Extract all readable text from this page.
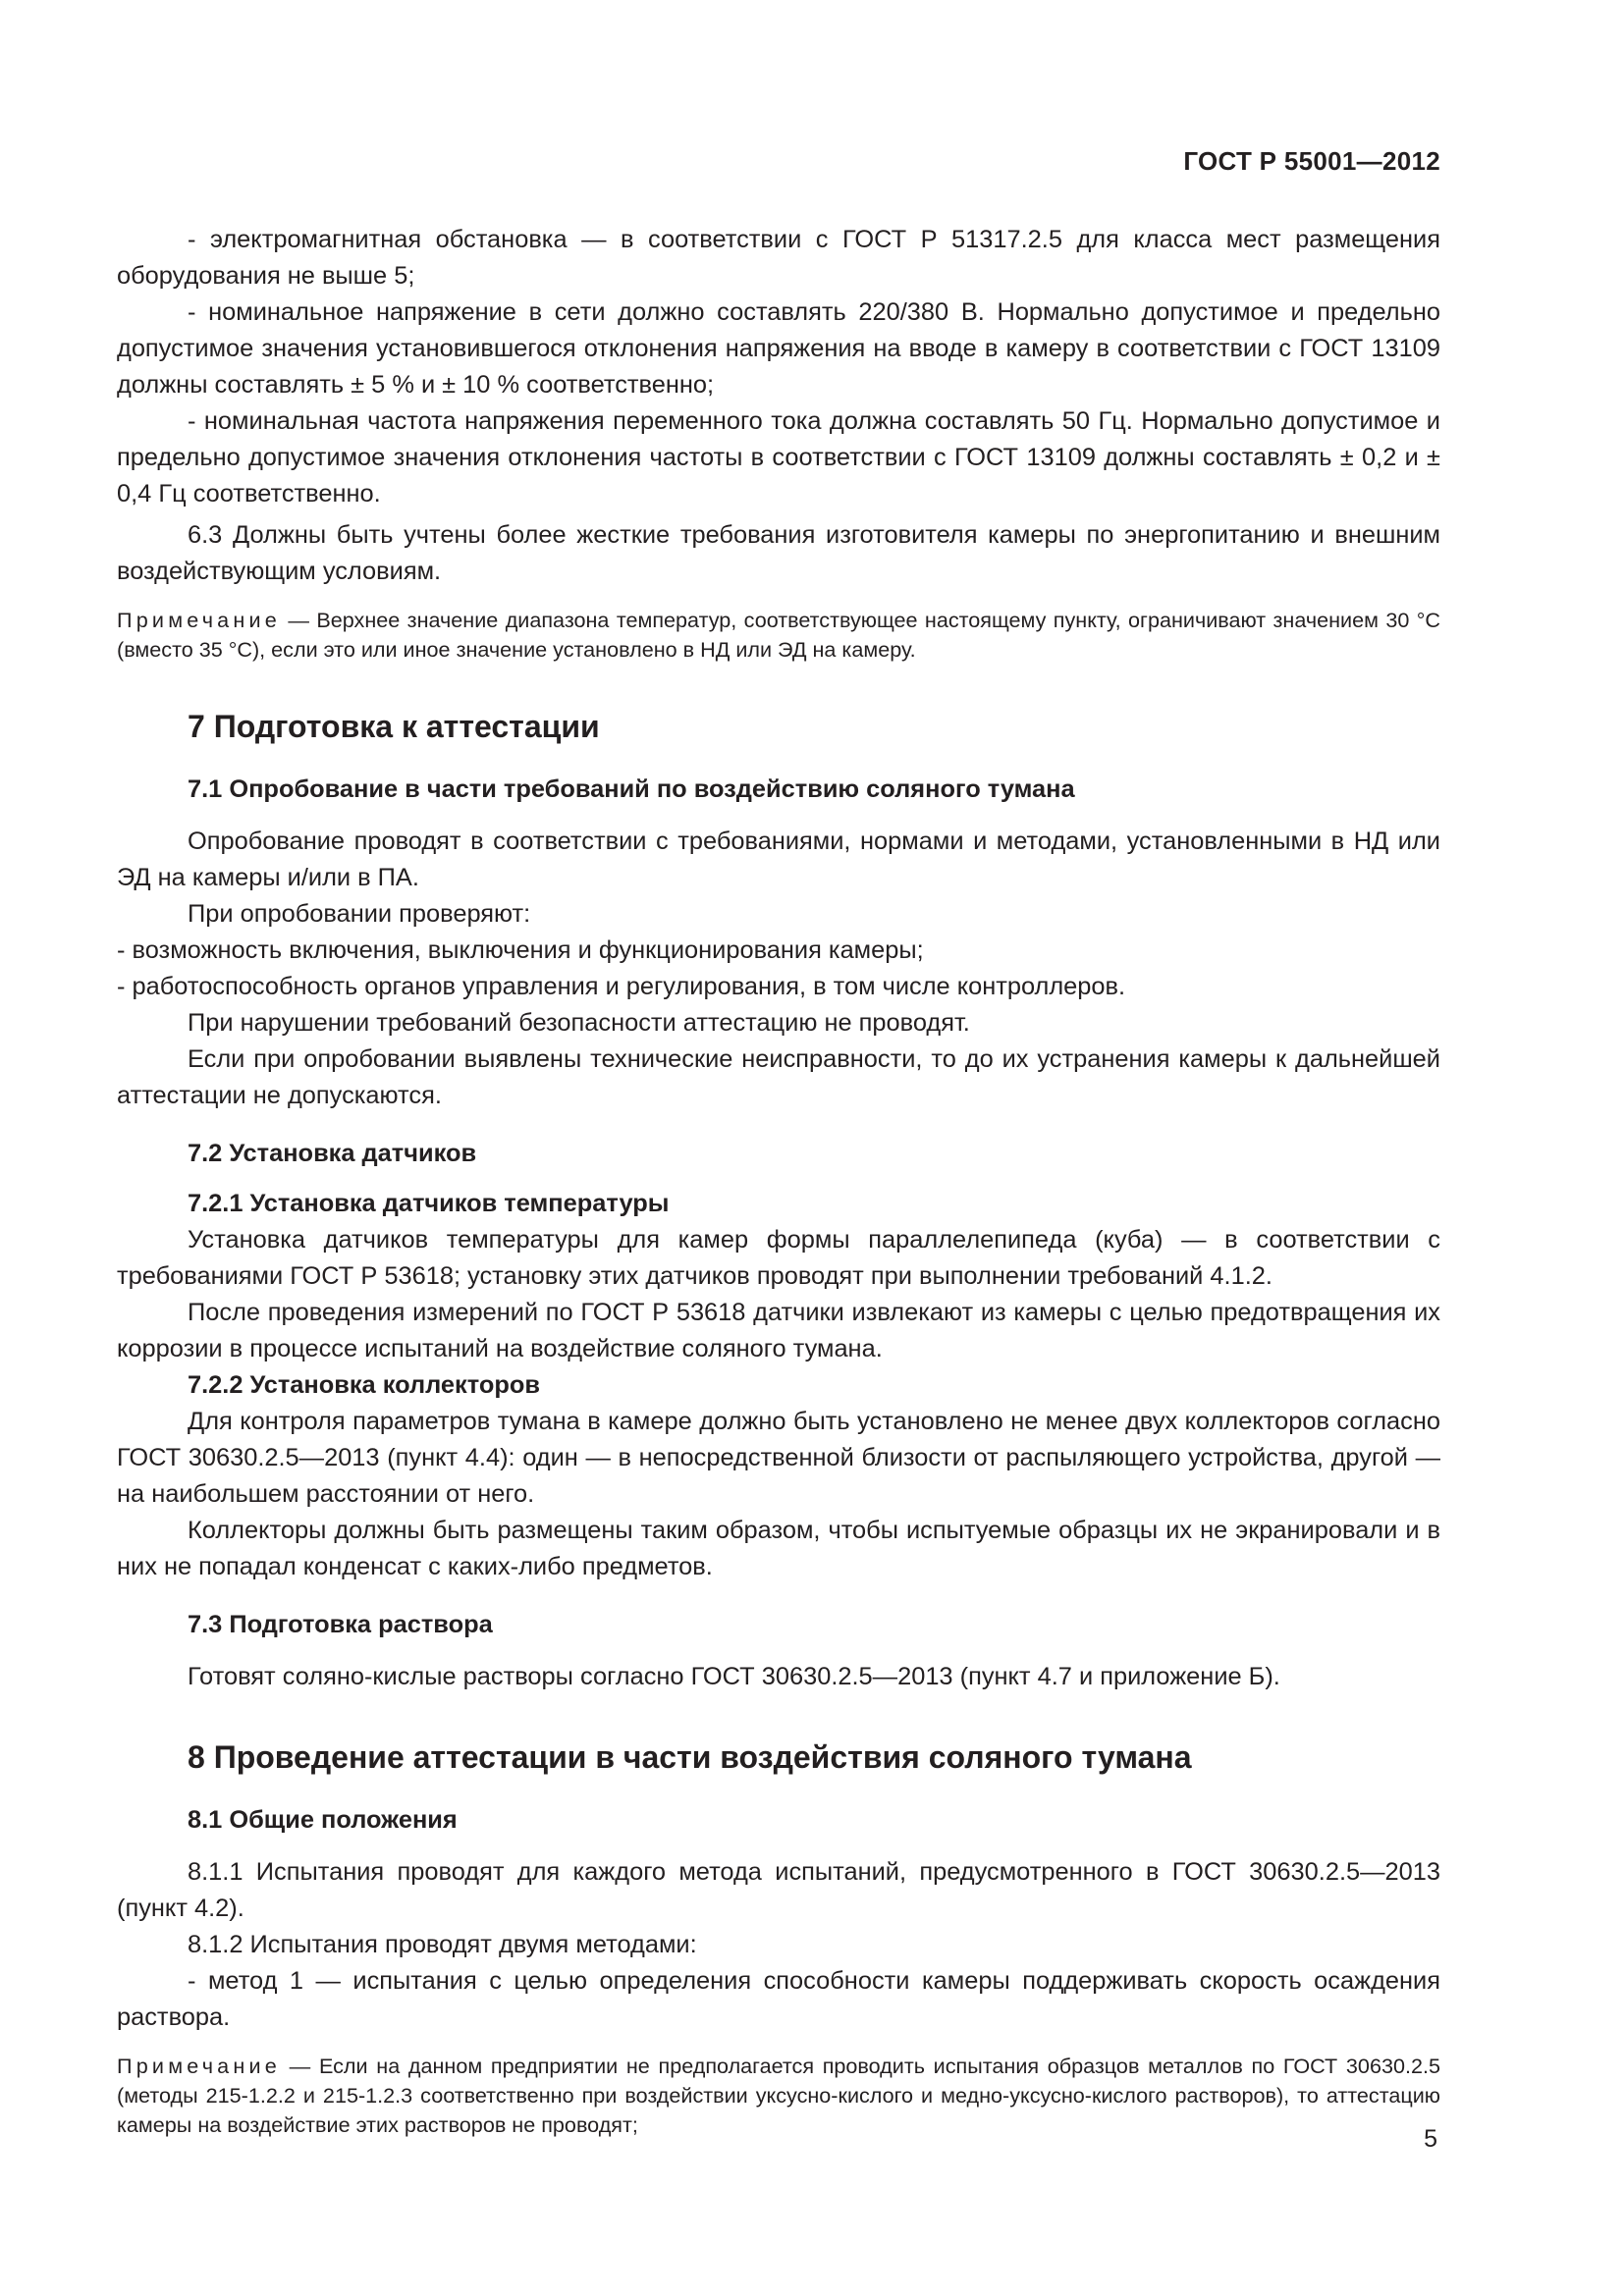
ГОСТ Р 55001—2012

- электромагнитная обстановка — в соответствии с ГОСТ Р 51317.2.5 для класса мест размещения оборудования не выше 5;

- номинальное напряжение в сети должно составлять 220/380 В. Нормально допустимое и предельно допустимое значения установившегося отклонения напряжения на вводе в камеру в соответствии с ГОСТ 13109 должны составлять ± 5 % и ± 10 % соответственно;

- номинальная частота напряжения переменного тока должна составлять 50 Гц. Нормально допустимое и предельно допустимое значения отклонения частоты в соответствии с ГОСТ 13109 должны составлять ± 0,2 и ± 0,4 Гц соответственно.

6.3 Должны быть учтены более жесткие требования изготовителя камеры по энергопитанию и внешним воздействующим условиям.

Примечание — Верхнее значение диапазона температур, соответствующее настоящему пункту, ограничивают значением 30 °С (вместо 35 °С), если это или иное значение установлено в НД или ЭД на камеру.

7 Подготовка к аттестации

7.1 Опробование в части требований по воздействию соляного тумана

Опробование проводят в соответствии с требованиями, нормами и методами, установленными в НД или ЭД на камеры и/или в ПА.

При опробовании проверяют:

- возможность включения, выключения и функционирования камеры;

- работоспособность органов управления и регулирования, в том числе контроллеров.

При нарушении требований безопасности аттестацию не проводят.

Если при опробовании выявлены технические неисправности, то до их устранения камеры к дальнейшей аттестации не допускаются.

7.2 Установка датчиков

7.2.1 Установка датчиков температуры

Установка датчиков температуры для камер формы параллелепипеда (куба) — в соответствии с требованиями ГОСТ Р 53618; установку этих датчиков проводят при выполнении требований 4.1.2.

После проведения измерений по ГОСТ Р 53618 датчики извлекают из камеры с целью предотвращения их коррозии в процессе испытаний на воздействие соляного тумана.

7.2.2 Установка коллекторов

Для контроля параметров тумана в камере должно быть установлено не менее двух коллекторов согласно ГОСТ 30630.2.5—2013 (пункт 4.4): один — в непосредственной близости от распыляющего устройства, другой — на наибольшем расстоянии от него.

Коллекторы должны быть размещены таким образом, чтобы испытуемые образцы их не экранировали и в них не попадал конденсат с каких-либо предметов.

7.3 Подготовка раствора

Готовят соляно-кислые растворы согласно ГОСТ 30630.2.5—2013 (пункт 4.7 и приложение Б).

8 Проведение аттестации в части воздействия соляного тумана

8.1 Общие положения

8.1.1 Испытания проводят для каждого метода испытаний, предусмотренного в ГОСТ 30630.2.5—2013 (пункт 4.2).

8.1.2 Испытания проводят двумя методами:

- метод 1 — испытания с целью определения способности камеры поддерживать скорость осаждения раствора.

Примечание — Если на данном предприятии не предполагается проводить испытания образцов металлов по ГОСТ 30630.2.5 (методы 215-1.2.2 и 215-1.2.3 соответственно при воздействии уксусно-кислого и медно-уксусно-кислого растворов), то аттестацию камеры на воздействие этих растворов не проводят;

5
